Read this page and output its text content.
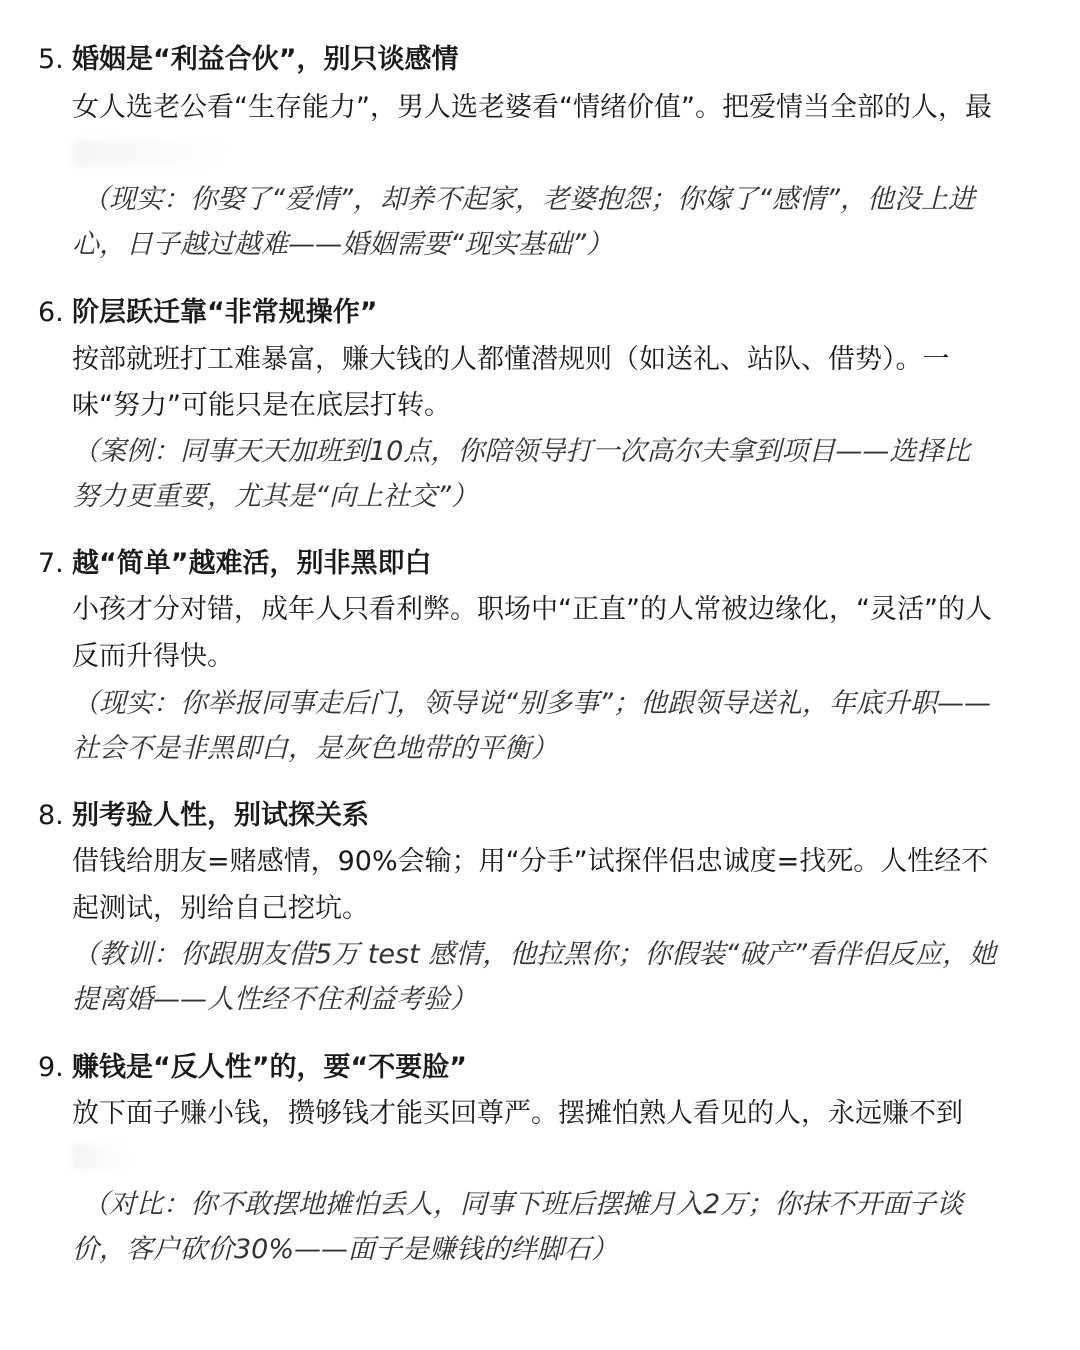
5. 婚姻是“利益合伙”，别只谈感情
女人选老公看“生存能力”，男人选老婆看“情绪价值”。把爱情当全部的人，最
（现实：你娶了“爱情”，却养不起家，老婆抱怨；你嫁了“感情”，他没上进
心，日子越过越难——婚姻需要“现实基础”）
6. 阶层跃迁靠“非常规操作”
按部就班打工难暴富，赚大钱的人都懂潜规则（如送礼、站队、借势）。一
味“努力”可能只是在底层打转。
（案例：同事天天加班到10点，你陪领导打一次高尔夫拿到项目——选择比
努力更重要，尤其是“向上社交”）
7. 越“简单”越难活，别非黑即白
小孩才分对错，成年人只看利弊。职场中“正直”的人常被边缘化，“灵活”的人
反而升得快。
（现实：你举报同事走后门，领导说“别多事”；他跟领导送礼，年底升职——
社会不是非黑即白，是灰色地带的平衡）
8. 别考验人性，别试探关系
借钱给朋友=赌感情，90%会输；用“分手”试探伴侣忠诚度=找死。人性经不
起测试，别给自己挖坑。
（教训：你跟朋友借5万 test 感情，他拉黑你；你假装“破产”看伴侣反应，她
提离婚——人性经不住利益考验）
9. 赚钱是“反人性”的，要“不要脸”
放下面子赚小钱，攒够钱才能买回尊严。摆摊怕熟人看见的人，永远赚不到
（对比：你不敢摆地摊怕丢人，同事下班后摆摊月入2万；你抹不开面子谈
价，客户砍价30%——面子是赚钱的绊脚石）
